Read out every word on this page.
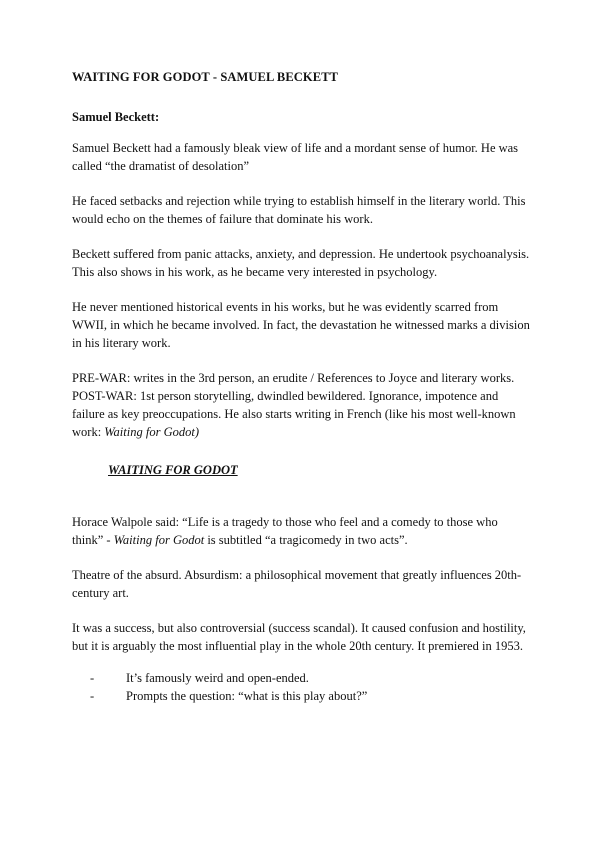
WAITING FOR GODOT - SAMUEL BECKETT

Samuel Beckett:

Samuel Beckett had a famously bleak view of life and a mordant sense of humor. He was called “the dramatist of desolation”

He faced setbacks and rejection while trying to establish himself in the literary world. This would echo on the themes of failure that dominate his work.

Beckett suffered from panic attacks, anxiety, and depression. He undertook psychoanalysis. This also shows in his work, as he became very interested in psychology.

He never mentioned historical events in his works, but he was evidently scarred from WWII, in which he became involved. In fact, the devastation he witnessed marks a division in his literary work.

PRE-WAR: writes in the 3rd person, an erudite / References to Joyce and literary works.

POST-WAR: 1st person storytelling, dwindled bewildered. Ignorance, impotence and failure as key preoccupations. He also starts writing in French (like his most well-known work: Waiting for Godot)

WAITING FOR GODOT

Horace Walpole said: “Life is a tragedy to those who feel and a comedy to those who think” - Waiting for Godot is subtitled “a tragicomedy in two acts”.

Theatre of the absurd. Absurdism: a philosophical movement that greatly influences 20th-century art.

It was a success, but also controversial (success scandal). It caused confusion and hostility, but it is arguably the most influential play in the whole 20th century. It premiered in 1953.

-	It’s famously weird and open-ended.
-	Prompts the question: “what is this play about?”
